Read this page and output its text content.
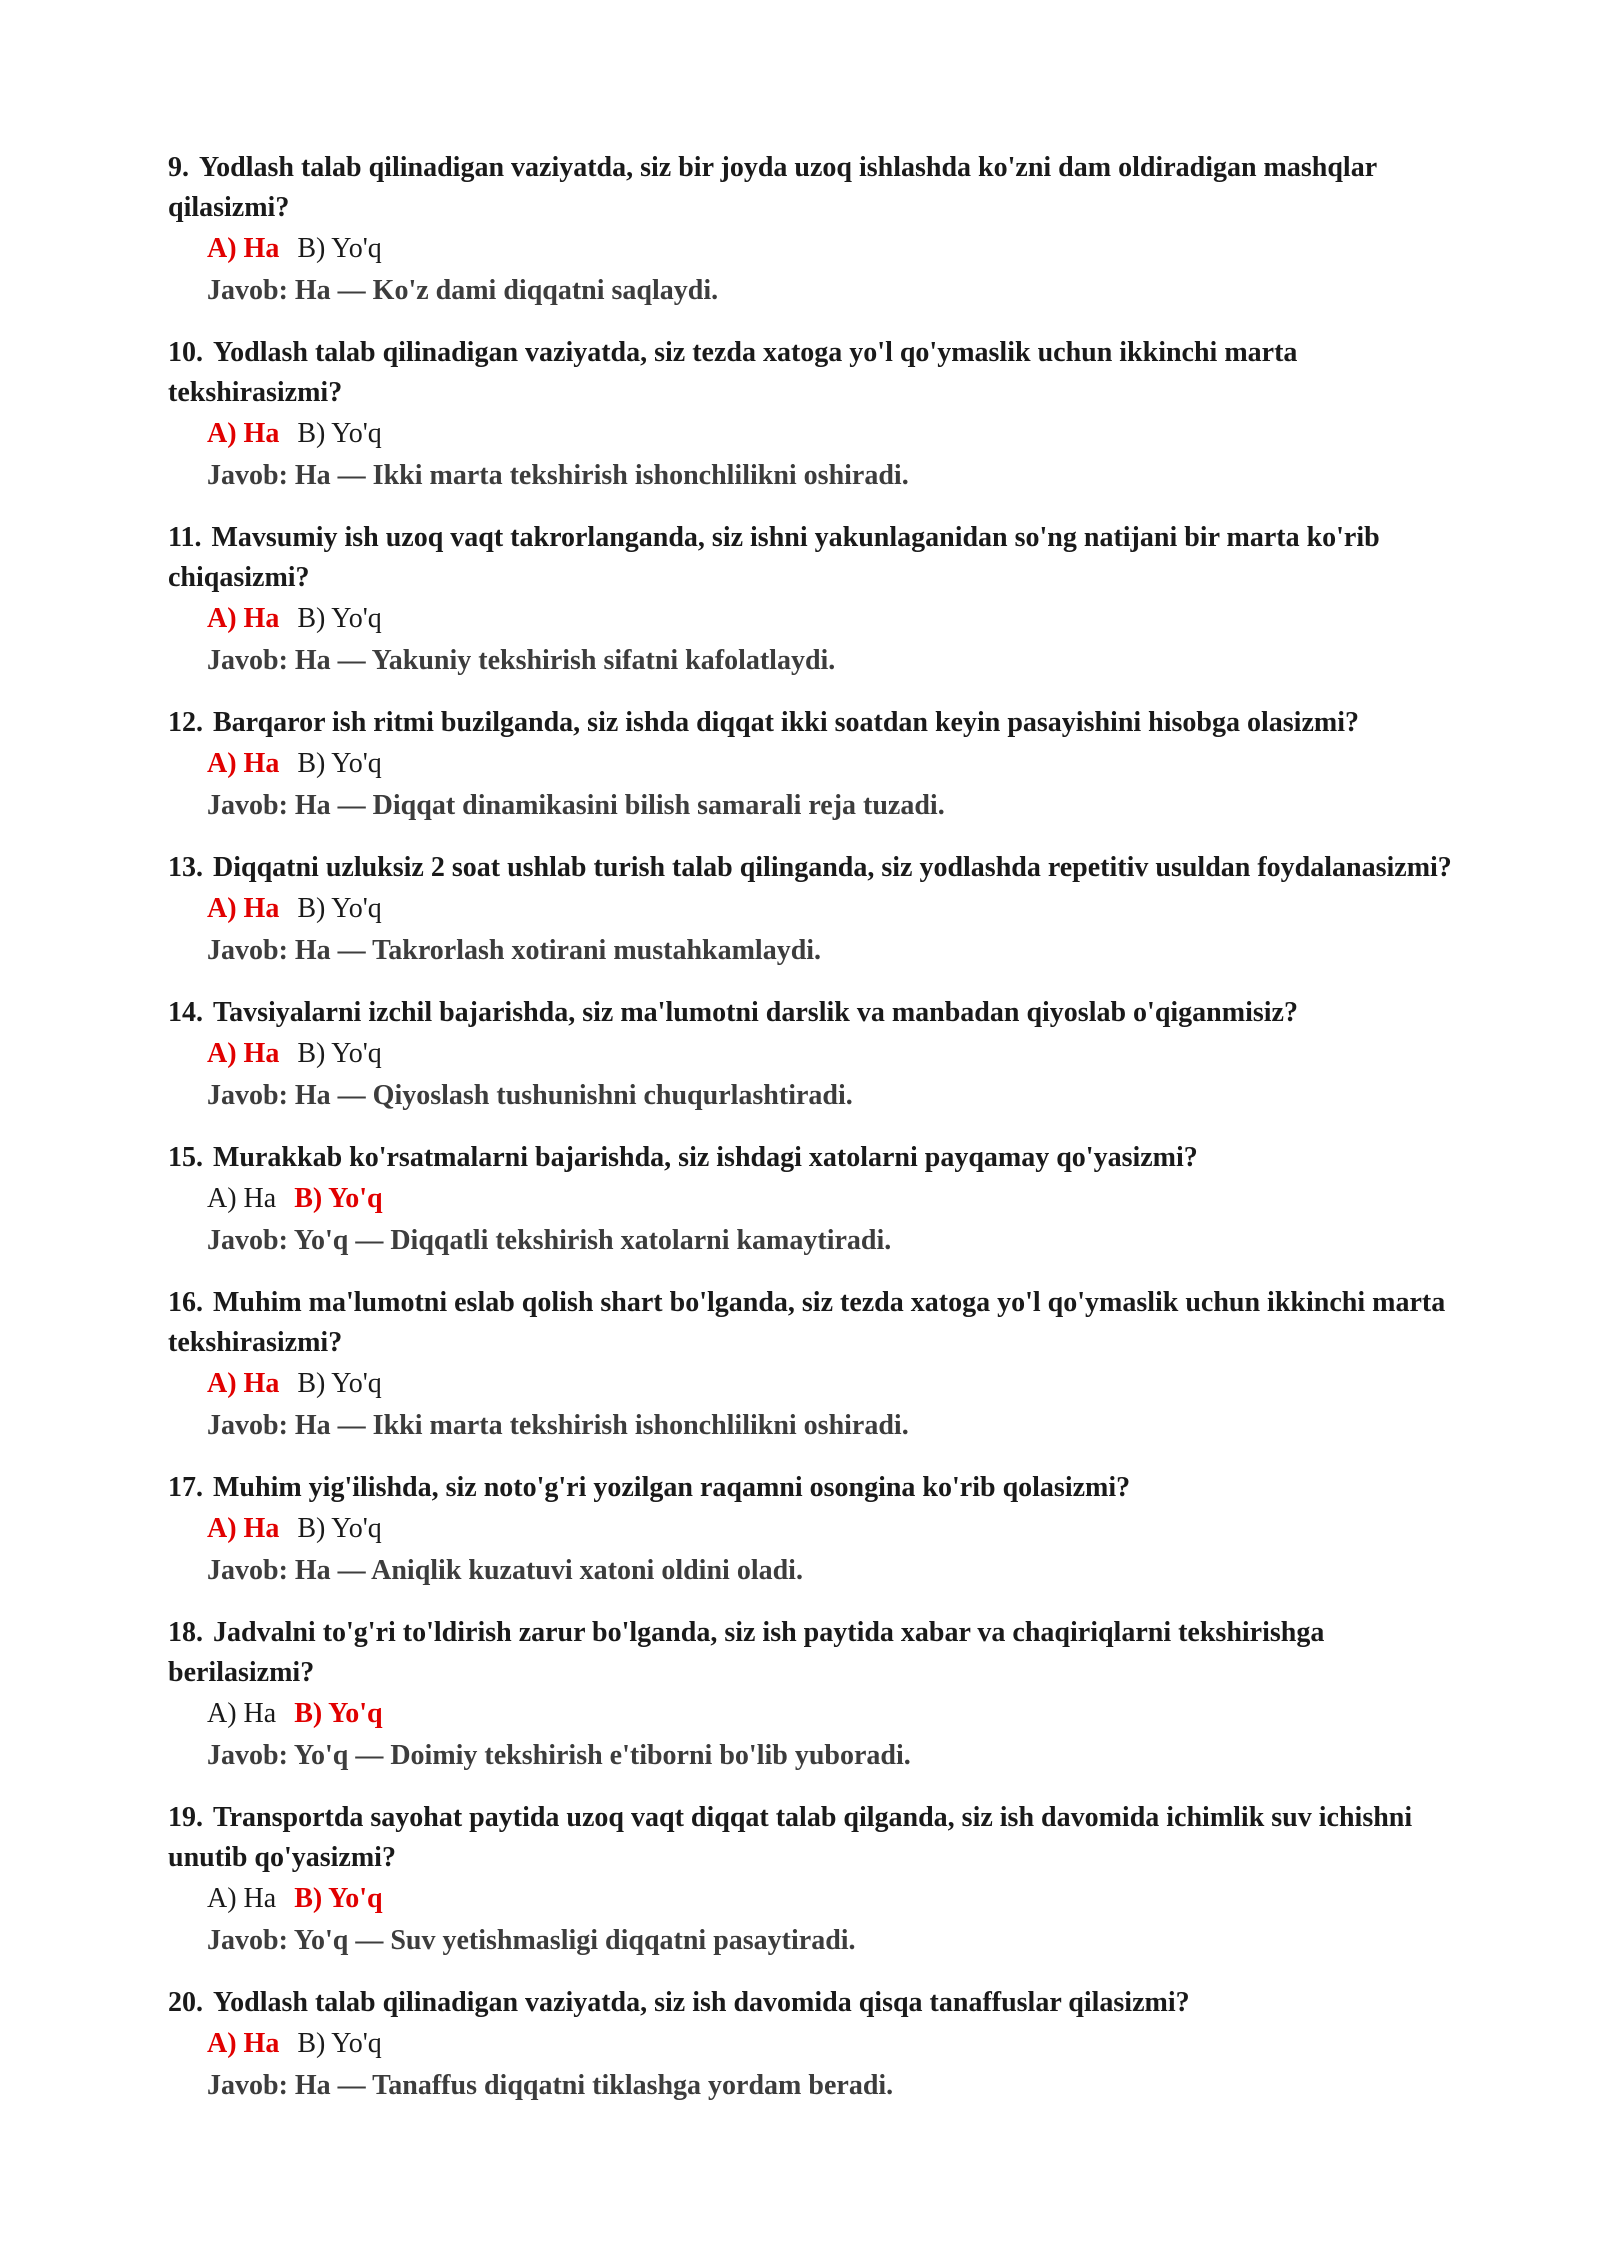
9. Yodlash talab qilinadigan vaziyatda, siz bir joyda uzoq ishlashda ko'zni dam oldiradigan mashqlar qilasizmi?

A) Ha B) Yo'q
Javob: Ha — Ko'z dami diqqatni saqlaydi.

10. Yodlash talab qilinadigan vaziyatda, siz tezda xatoga yo'l qo'ymaslik uchun ikkinchi marta tekshirasizmi?

A) Ha B) Yo'q
Javob: Ha — Ikki marta tekshirish ishonchlilikni oshiradi.

11. Mavsumiy ish uzoq vaqt takrorlanganda, siz ishni yakunlaganidan so'ng natijani bir marta ko'rib chiqasizmi?

A) Ha B) Yo'q
Javob: Ha — Yakuniy tekshirish sifatni kafolatlaydi.

12. Barqaror ish ritmi buzilganda, siz ishda diqqat ikki soatdan keyin pasayishini hisobga olasizmi?

A) Ha B) Yo'q
Javob: Ha — Diqqat dinamikasini bilish samarali reja tuzadi.

13. Diqqatni uzluksiz 2 soat ushlab turish talab qilinganda, siz yodlashda repetitiv usuldan foydalanasizmi?

A) Ha B) Yo'q
Javob: Ha — Takrorlash xotirani mustahkamlaydi.

14. Tavsiyalarni izchil bajarishda, siz ma'lumotni darslik va manbadan qiyoslab o'qiganmisiz?

A) Ha B) Yo'q
Javob: Ha — Qiyoslash tushunishni chuqurlashtiradi.

15. Murakkab ko'rsatmalarni bajarishda, siz ishdagi xatolarni payqamay qo'yasizmi?

A) Ha B) Yo'q
Javob: Yo'q — Diqqatli tekshirish xatolarni kamaytiradi.

16. Muhim ma'lumotni eslab qolish shart bo'lganda, siz tezda xatoga yo'l qo'ymaslik uchun ikkinchi marta tekshirasizmi?

A) Ha B) Yo'q
Javob: Ha — Ikki marta tekshirish ishonchlilikni oshiradi.

17. Muhim yig'ilishda, siz noto'g'ri yozilgan raqamni osongina ko'rib qolasizmi?

A) Ha B) Yo'q
Javob: Ha — Aniqlik kuzatuvi xatoni oldini oladi.

18. Jadvalni to'g'ri to'ldirish zarur bo'lganda, siz ish paytida xabar va chaqiriqlarni tekshirishga berilasizmi?

A) Ha B) Yo'q
Javob: Yo'q — Doimiy tekshirish e'tiborni bo'lib yuboradi.

19. Transportda sayohat paytida uzoq vaqt diqqat talab qilganda, siz ish davomida ichimlik suv ichishni unutib qo'yasizmi?

A) Ha B) Yo'q
Javob: Yo'q — Suv yetishmasligi diqqatni pasaytiradi.

20. Yodlash talab qilinadigan vaziyatda, siz ish davomida qisqa tanaffuslar qilasizmi?

A) Ha B) Yo'q
Javob: Ha — Tanaffus diqqatni tiklashga yordam beradi.
